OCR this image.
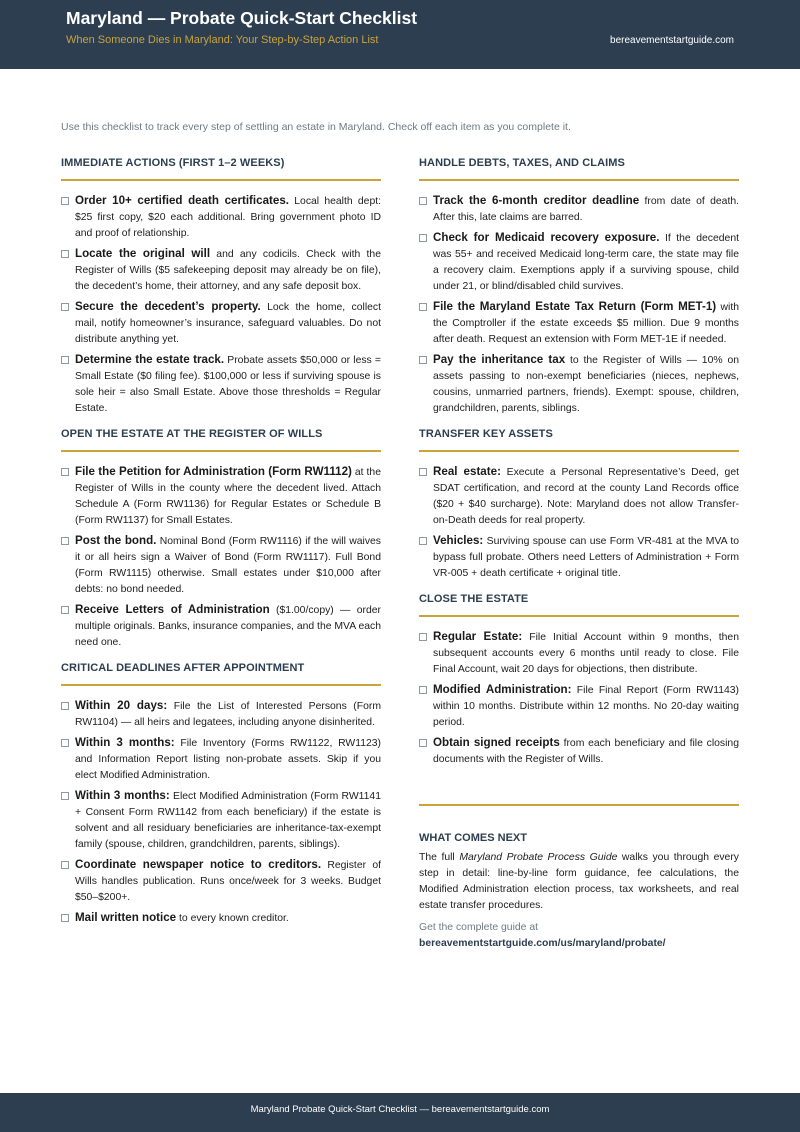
Maryland — Probate Quick-Start Checklist
When Someone Dies in Maryland: Your Step-by-Step Action List	bereavementstartguide.com
Use this checklist to track every step of settling an estate in Maryland. Check off each item as you complete it.
IMMEDIATE ACTIONS (FIRST 1–2 WEEKS)
Order 10+ certified death certificates. Local health dept: $25 first copy, $20 each additional. Bring government photo ID and proof of relationship.
Locate the original will and any codicils. Check with the Register of Wills ($5 safekeeping deposit may already be on file), the decedent’s home, their attorney, and any safe deposit box.
Secure the decedent’s property. Lock the home, collect mail, notify homeowner’s insurance, safeguard valuables. Do not distribute anything yet.
Determine the estate track. Probate assets $50,000 or less = Small Estate ($0 filing fee). $100,000 or less if surviving spouse is sole heir = also Small Estate. Above those thresholds = Regular Estate.
OPEN THE ESTATE AT THE REGISTER OF WILLS
File the Petition for Administration (Form RW1112) at the Register of Wills in the county where the decedent lived. Attach Schedule A (Form RW1136) for Regular Estates or Schedule B (Form RW1137) for Small Estates.
Post the bond. Nominal Bond (Form RW1116) if the will waives it or all heirs sign a Waiver of Bond (Form RW1117). Full Bond (Form RW1115) otherwise. Small estates under $10,000 after debts: no bond needed.
Receive Letters of Administration ($1.00/copy) — order multiple originals. Banks, insurance companies, and the MVA each need one.
CRITICAL DEADLINES AFTER APPOINTMENT
Within 20 days: File the List of Interested Persons (Form RW1104) — all heirs and legatees, including anyone disinherited.
Within 3 months: File Inventory (Forms RW1122, RW1123) and Information Report listing non-probate assets. Skip if you elect Modified Administration.
Within 3 months: Elect Modified Administration (Form RW1141 + Consent Form RW1142 from each beneficiary) if the estate is solvent and all residuary beneficiaries are inheritance-tax-exempt family (spouse, children, grandchildren, parents, siblings).
Coordinate newspaper notice to creditors. Register of Wills handles publication. Runs once/week for 3 weeks. Budget $50–$200+.
Mail written notice to every known creditor.
HANDLE DEBTS, TAXES, AND CLAIMS
Track the 6-month creditor deadline from date of death. After this, late claims are barred.
Check for Medicaid recovery exposure. If the decedent was 55+ and received Medicaid long-term care, the state may file a recovery claim. Exemptions apply if a surviving spouse, child under 21, or blind/disabled child survives.
File the Maryland Estate Tax Return (Form MET-1) with the Comptroller if the estate exceeds $5 million. Due 9 months after death. Request an extension with Form MET-1E if needed.
Pay the inheritance tax to the Register of Wills — 10% on assets passing to non-exempt beneficiaries (nieces, nephews, cousins, unmarried partners, friends). Exempt: spouse, children, grandchildren, parents, siblings.
TRANSFER KEY ASSETS
Real estate: Execute a Personal Representative’s Deed, get SDAT certification, and record at the county Land Records office ($20 + $40 surcharge). Note: Maryland does not allow Transfer-on-Death deeds for real property.
Vehicles: Surviving spouse can use Form VR-481 at the MVA to bypass full probate. Others need Letters of Administration + Form VR-005 + death certificate + original title.
CLOSE THE ESTATE
Regular Estate: File Initial Account within 9 months, then subsequent accounts every 6 months until ready to close. File Final Account, wait 20 days for objections, then distribute.
Modified Administration: File Final Report (Form RW1143) within 10 months. Distribute within 12 months. No 20-day waiting period.
Obtain signed receipts from each beneficiary and file closing documents with the Register of Wills.
WHAT COMES NEXT
The full Maryland Probate Process Guide walks you through every step in detail: line-by-line form guidance, fee calculations, the Modified Administration election process, tax worksheets, and real estate transfer procedures.
Get the complete guide at
bereavementstartguide.com/us/maryland/probate/
Maryland Probate Quick-Start Checklist — bereavementstartguide.com
